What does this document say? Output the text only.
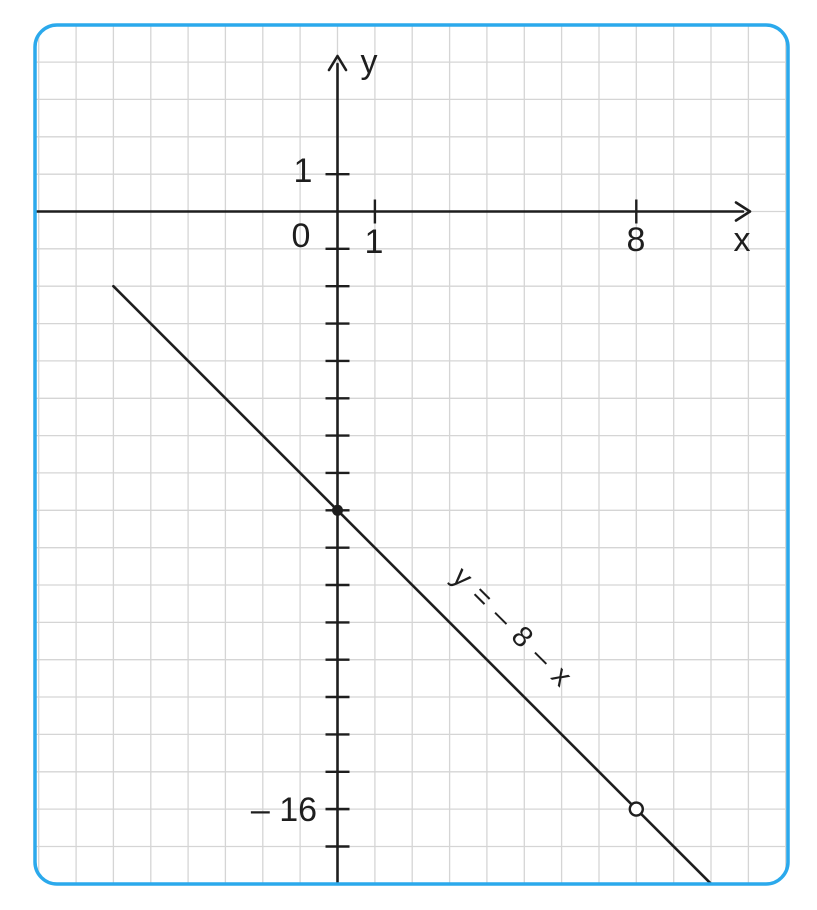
y
x
0 1	8
1
– 16
y = – 8 – x
